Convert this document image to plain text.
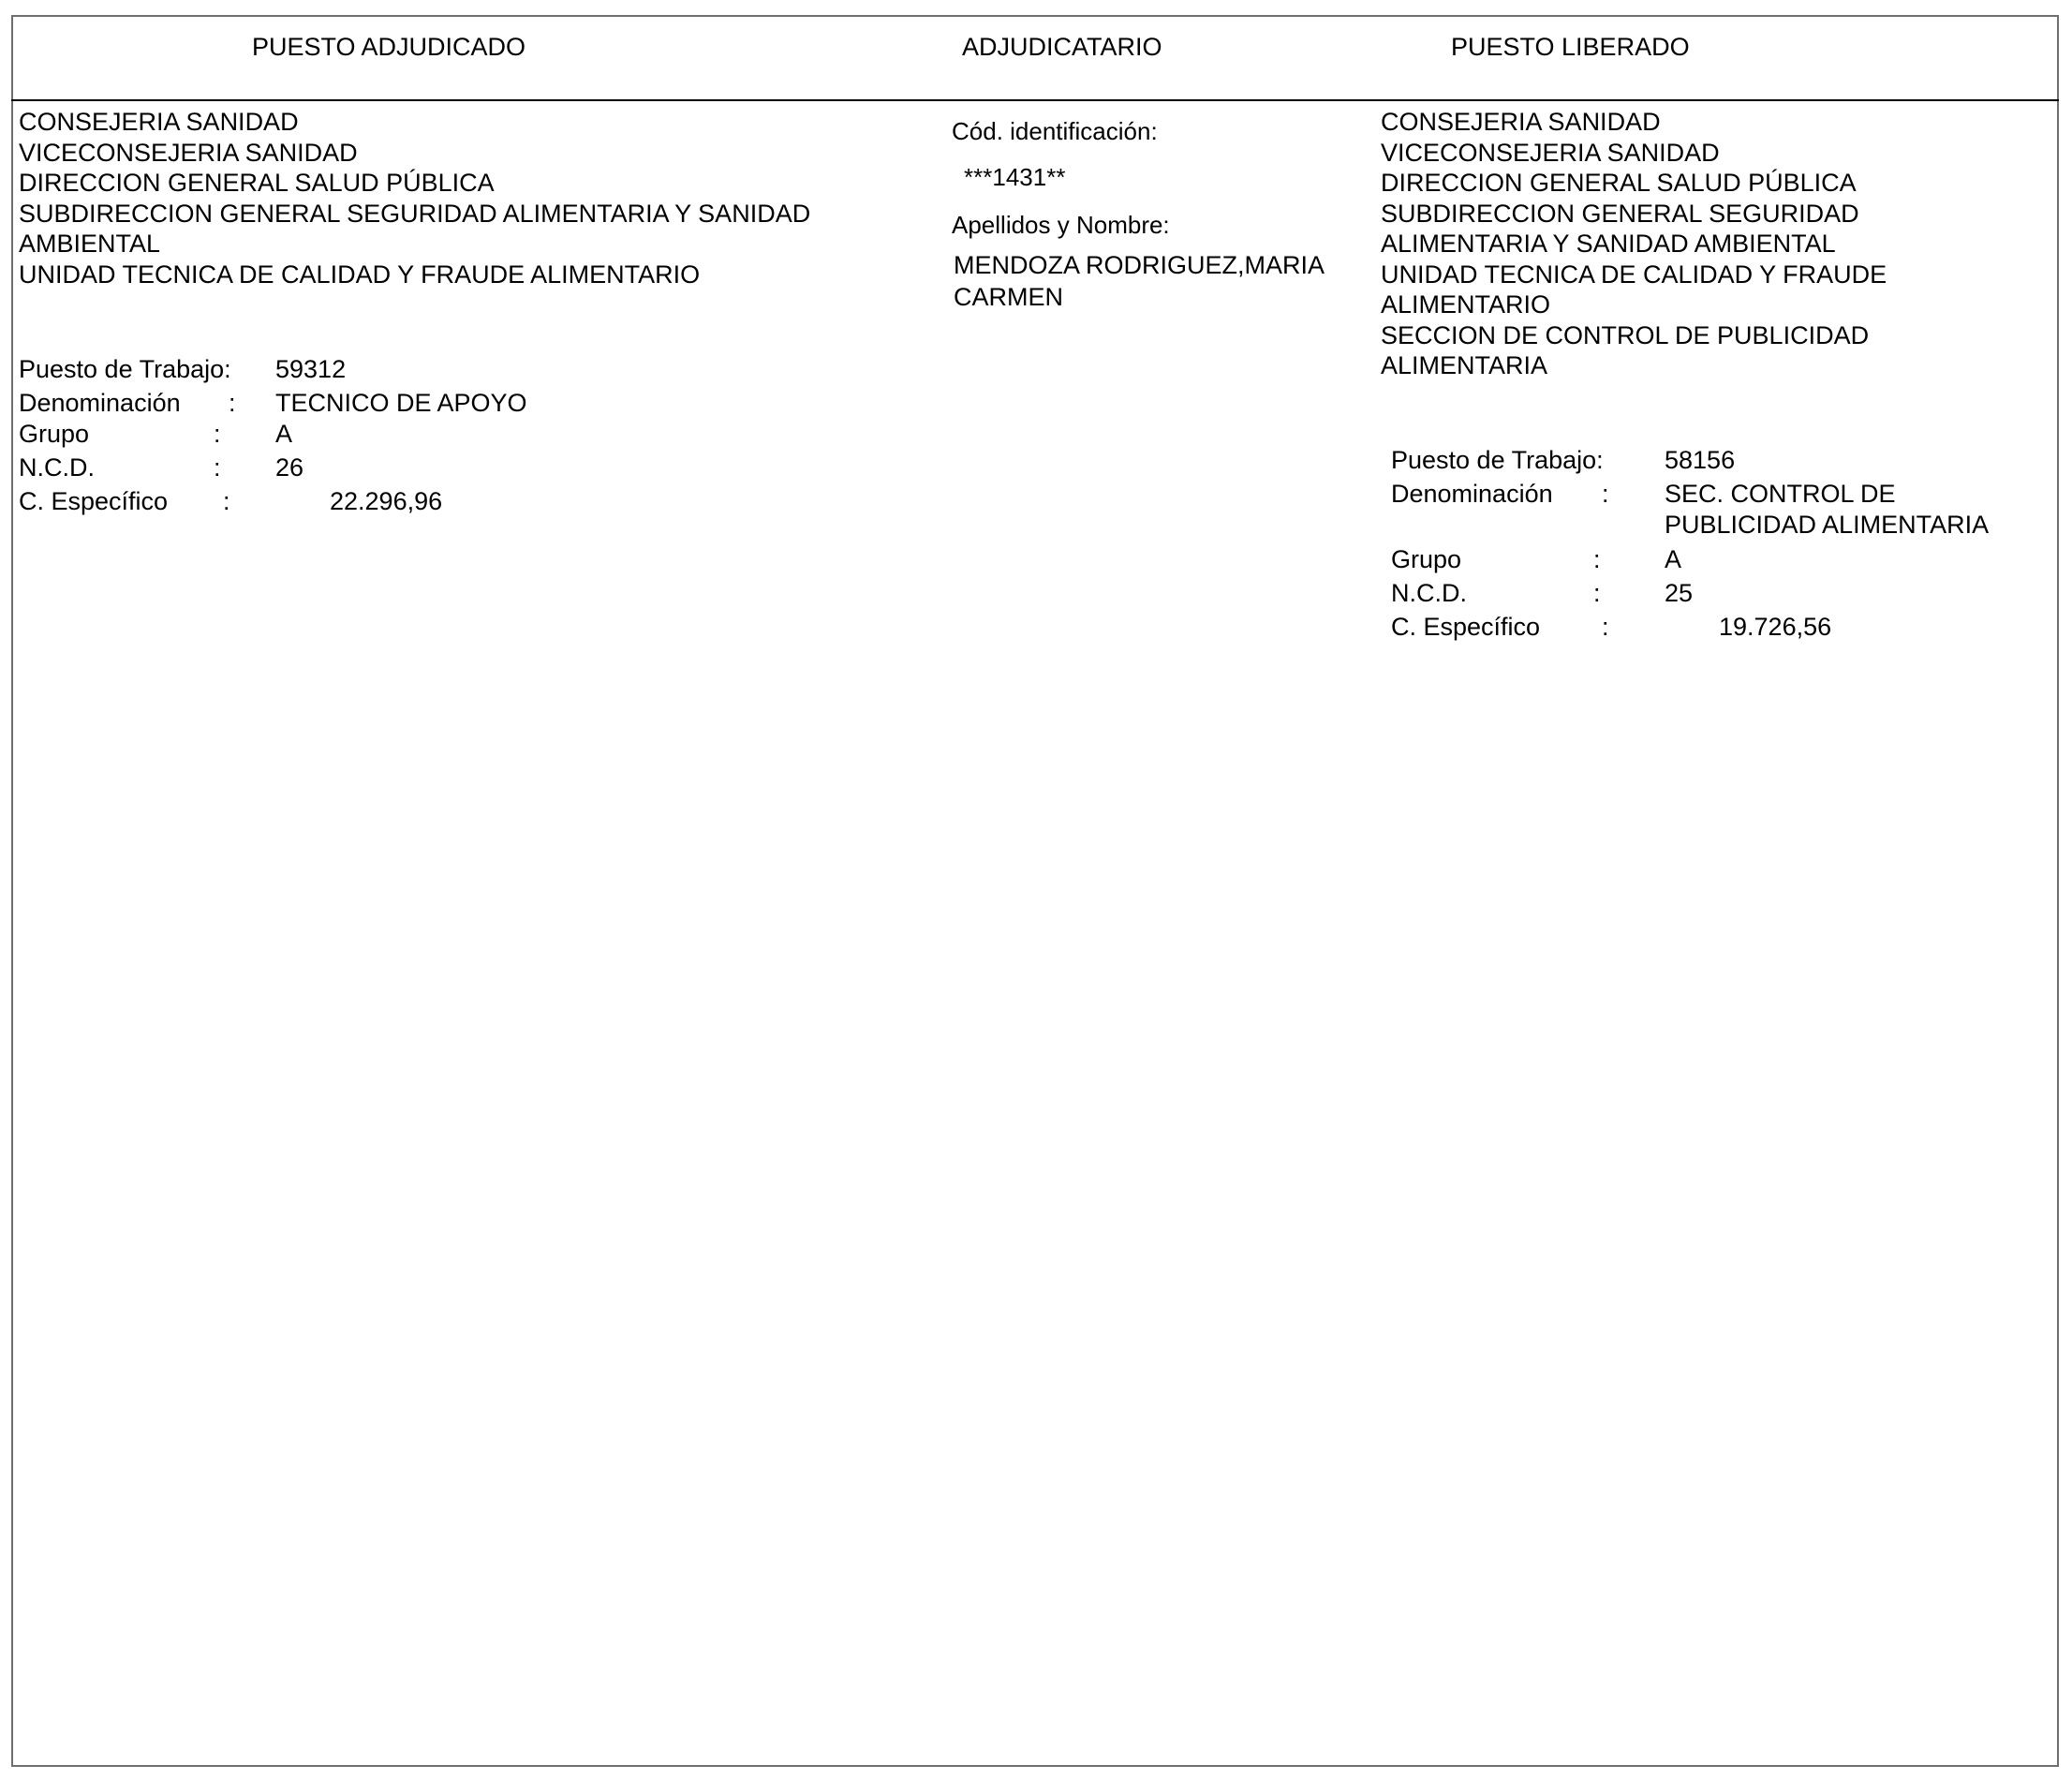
PUESTO ADJUDICADO	ADJUDICATARIO	PUESTO LIBERADO
CONSEJERIA SANIDAD
VICECONSEJERIA SANIDAD
DIRECCION GENERAL SALUD PÚBLICA
SUBDIRECCION GENERAL SEGURIDAD ALIMENTARIA Y SANIDAD
AMBIENTAL
UNIDAD TECNICA DE CALIDAD Y FRAUDE ALIMENTARIO
Puesto de Trabajo: 59312
Denominación : TECNICO DE APOYO
Grupo	: A
N.C.D.	: 26
C. Específico :	22.296,96
Cód. identificación:
***1431**
Apellidos y Nombre:
MENDOZA RODRIGUEZ,MARIA
CARMEN
CONSEJERIA SANIDAD
VICECONSEJERIA SANIDAD
DIRECCION GENERAL SALUD PÚBLICA
SUBDIRECCION GENERAL SEGURIDAD
ALIMENTARIA Y SANIDAD AMBIENTAL
UNIDAD TECNICA DE CALIDAD Y FRAUDE
ALIMENTARIO
SECCION DE CONTROL DE PUBLICIDAD
ALIMENTARIA
Puesto de Trabajo: 58156
Denominación : SEC. CONTROL DE
PUBLICIDAD ALIMENTARIA
Grupo	:	A
N.C.D.	:	25
C. Específico :	19.726,56
